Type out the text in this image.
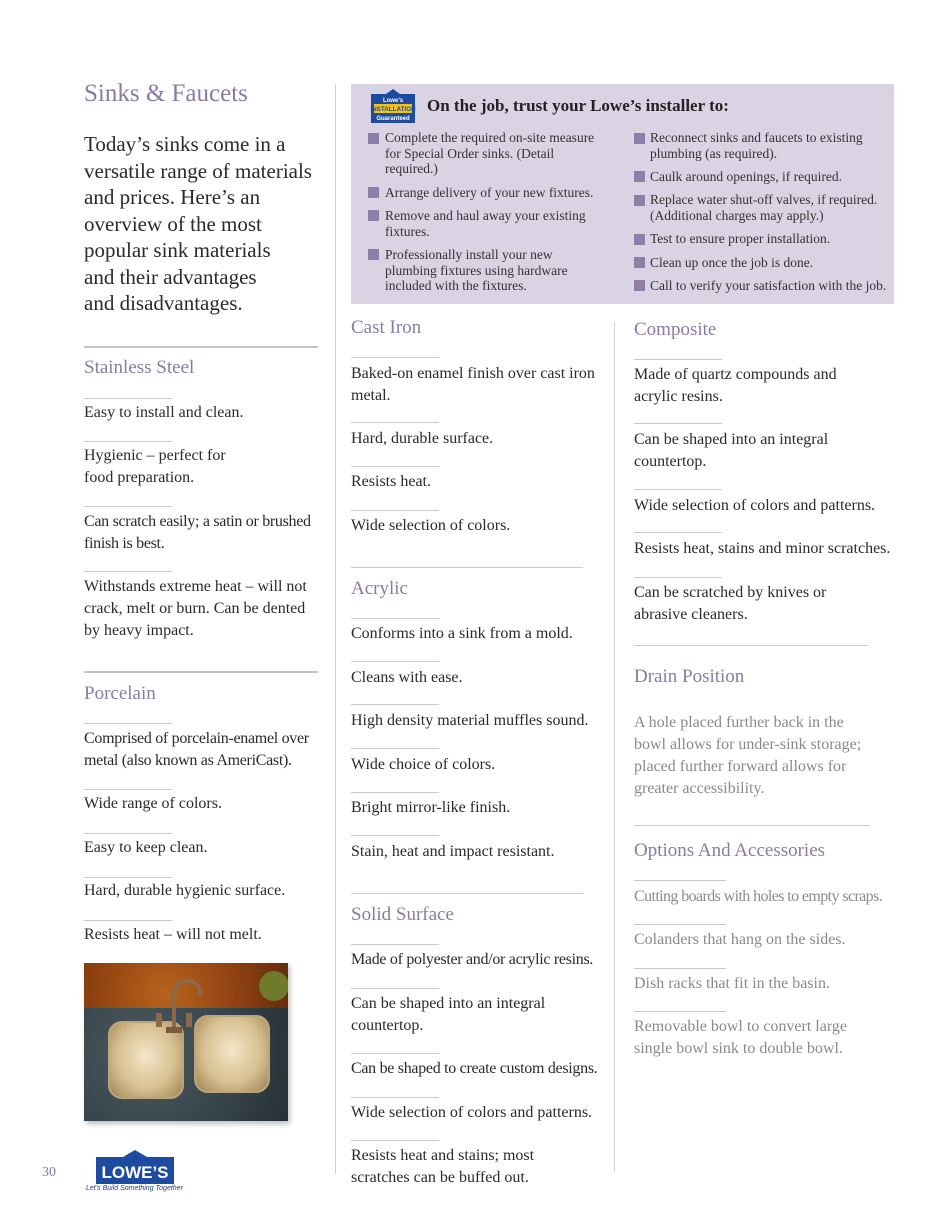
Sinks & Faucets
Today’s sinks come in a
versatile range of materials
and prices. Here’s an
overview of the most
popular sink materials
and their advantages
and disadvantages.
Stainless Steel
Easy to install and clean.
Hygienic – perfect for food preparation.
Can scratch easily; a satin or brushed finish is best.
Withstands extreme heat – will not crack, melt or burn. Can be dented by heavy impact.
Porcelain
Comprised of porcelain-enamel over metal (also known as AmeriCast).
Wide range of colors.
Easy to keep clean.
Hard, durable hygienic surface.
Resists heat – will not melt.
30	LOWE’S
Let’s Build Something Together
Lowe’s
INSTALLATION
Guaranteed
On the job, trust your Lowe’s installer to:
Complete the required on-site measure for Special Order sinks. (Detail required.)
Arrange delivery of your new fixtures.
Remove and haul away your existing fixtures.
Professionally install your new plumbing fixtures using hardware included with the fixtures.
Reconnect sinks and faucets to existing plumbing (as required).
Caulk around openings, if required.
Replace water shut-off valves, if required. (Additional charges may apply.)
Test to ensure proper installation.
Clean up once the job is done.
Call to verify your satisfaction with the job.
Cast Iron
Baked-on enamel finish over cast iron metal.
Hard, durable surface.
Resists heat.
Wide selection of colors.
Acrylic
Conforms into a sink from a mold.
Cleans with ease.
High density material muffles sound.
Wide choice of colors.
Bright mirror-like finish.
Stain, heat and impact resistant.
Solid Surface
Made of polyester and/or acrylic resins.
Can be shaped into an integral countertop.
Can be shaped to create custom designs.
Wide selection of colors and patterns.
Resists heat and stains; most scratches can be buffed out.
Composite
Made of quartz compounds and acrylic resins.
Can be shaped into an integral countertop.
Wide selection of colors and patterns.
Resists heat, stains and minor scratches.
Can be scratched by knives or abrasive cleaners.
Drain Position
A hole placed further back in the bowl allows for under-sink storage; placed further forward allows for greater accessibility.
Options And Accessories
Cutting boards with holes to empty scraps.
Colanders that hang on the sides.
Dish racks that fit in the basin.
Removable bowl to convert large single bowl sink to double bowl.
